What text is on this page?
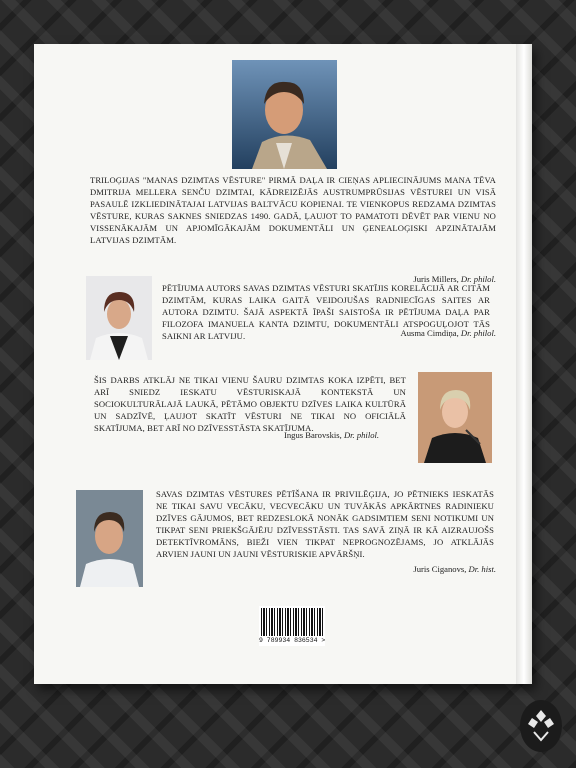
TRILOĢIJAS "MANAS DZIMTAS VĒSTURE" PIRMĀ DAĻA IR CIEŅAS APLIECINĀJUMS MANA TĒVA DMITRIJA MELLERA SENČU DZIMTAI, KĀDREIZĒJĀS AUSTRUMPRŪSIJAS VĒSTUREI UN VISĀ PASAULĒ IZKLIEDINĀTAJAI LATVIJAS BALTVĀCU KOPIENAI. TE VIENKOPUS REDZAMA DZIMTAS VĒSTURE, KURAS SAKNES SNIEDZAS 1490. GADĀ, ĻAUJOT TO PAMATOTI DĒVĒT PAR VIENU NO VISSENĀKAJĀM UN APJOMĪGĀKAJĀM DOKUMENTĀLI UN ĢENEALOĢISKI APZINĀTAJĀM LATVIJAS DZIMTĀM.
Juris Millers, Dr. philol.
PĒTĪJUMA AUTORS SAVAS DZIMTAS VĒSTURI SKATĪJIS KORELĀCIJĀ AR CITĀM DZIMTĀM, KURAS LAIKA GAITĀ VEIDOJUŠAS RADNIECĪGAS SAITES AR AUTORA DZIMTU. ŠAJĀ ASPEKTĀ ĪPAŠI SAISTOŠA IR PĒTĪJUMA DAĻA PAR FILOZOFA IMANUELA KANTA DZIMTU, DOKUMENTĀLI ATSPOGUĻOJOT TĀS SAIKNI AR LATVIJU.	Ausma Cimdiņa, Dr. philol.
ŠIS DARBS ATKLĀJ NE TIKAI VIENU ŠAURU DZIMTAS KOKA IZPĒTI, BET ARĪ SNIEDZ IESKATU VĒSTURISKAJĀ KONTEKSTĀ UN SOCIOKULTURĀLAJĀ LAUKĀ, PĒTĀMO OBJEKTU DZĪVES LAIKA KULTŪRĀ UN SADZĪVĒ, ĻAUJOT SKATĪT VĒSTURI NE TIKAI NO OFICIĀLĀ SKATĪJUMA, BET ARĪ NO DZĪVESSTĀSTA SKATĪJUMA.
Ingus Barovskis, Dr. philol.
SAVAS DZIMTAS VĒSTURES PĒTĪŠANA IR PRIVILĒĢIJA, JO PĒTNIEKS IESKATĀS NE TIKAI SAVU VECĀKU, VECVECĀKU UN TUVĀKĀS APKĀRTNES RADINIEKU DZĪVES GĀJUMOS, BET REDZESLOKĀ NONĀK GADSIMTIEM SENI NOTIKUMI UN TIKPAT SENI PRIEKŠGĀJĒJU DZĪVESSTĀSTI. TAS SAVĀ ZIŅĀ IR KĀ AIZRAUJOŠS DETEKTĪVROMĀNS, BIEŽI VIEN TIKPAT NEPROGNOZĒJAMS, JO ATKLĀJĀS ARVIEN JAUNI UN JAUNI VĒSTURISKIE APVĀRŠŅI.
Juris Ciganovs, Dr. hist.
9 789934 836534 >
